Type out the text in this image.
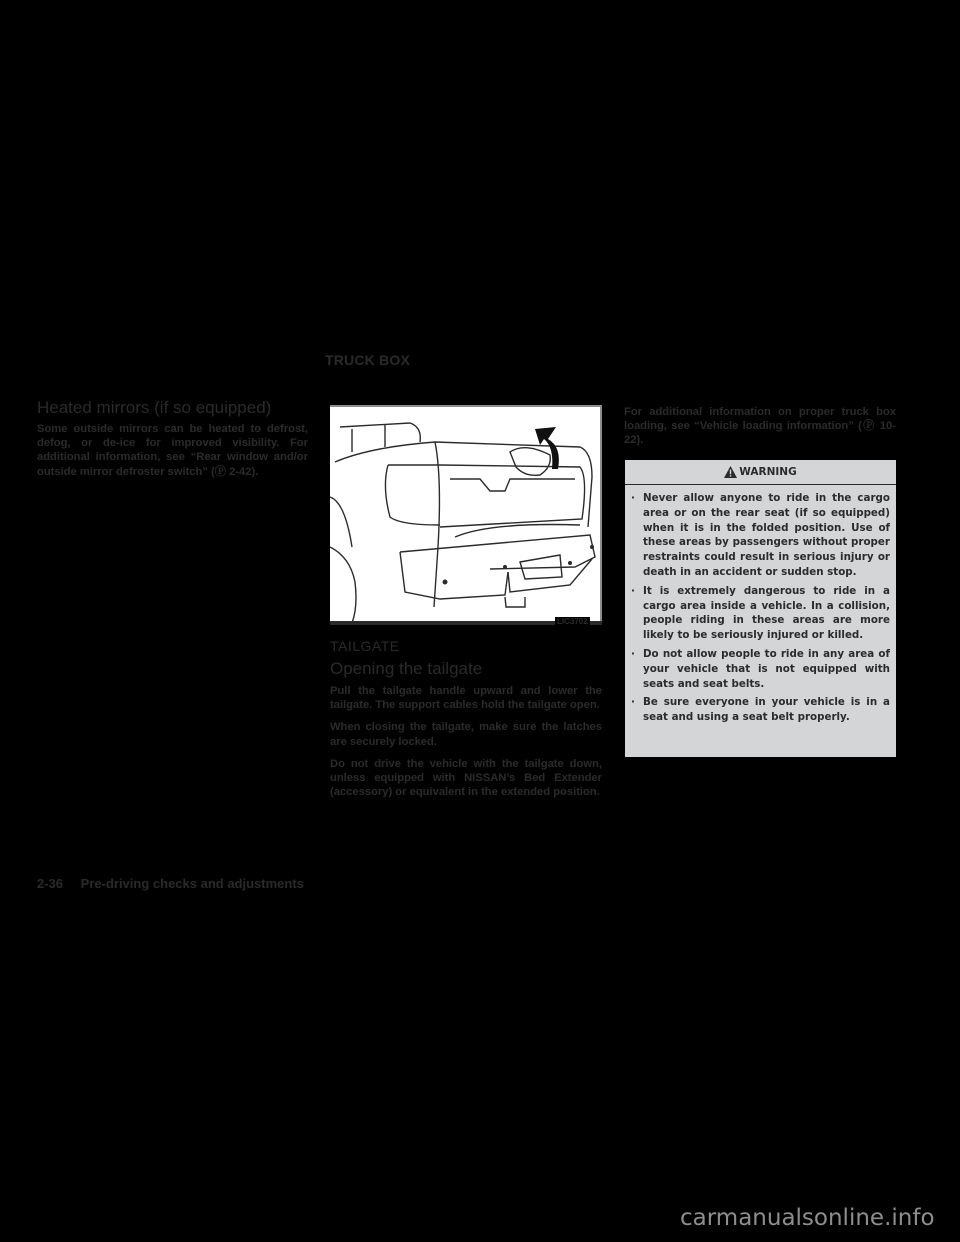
TRUCK BOX
Heated mirrors (if so equipped)

Some outside mirrors can be heated to defrost, defog, or de-ice for improved visibility. For additional information, see “Rear window and/or outside mirror defroster switch” (Ⓟ 2-42).

LIC3702
TAILGATE
Opening the tailgate

Pull the tailgate handle upward and lower the tailgate. The support cables hold the tailgate open.

When closing the tailgate, make sure the latches are securely locked.

Do not drive the vehicle with the tailgate down, unless equipped with NISSAN’s Bed Extender (accessory) or equivalent in the extended position.

For additional information on proper truck box loading, see “Vehicle loading information” (Ⓟ 10-22).

WARNING
· Never allow anyone to ride in the cargo area or on the rear seat (if so equipped) when it is in the folded position. Use of these areas by passengers without proper restraints could result in serious injury or death in an accident or sudden stop.
· It is extremely dangerous to ride in a cargo area inside a vehicle. In a collision, people riding in these areas are more likely to be seriously injured or killed.
· Do not allow people to ride in any area of your vehicle that is not equipped with seats and seat belts.
· Be sure everyone in your vehicle is in a seat and using a seat belt properly.
2-36 Pre-driving checks and adjustments
carmanualsonline.info
